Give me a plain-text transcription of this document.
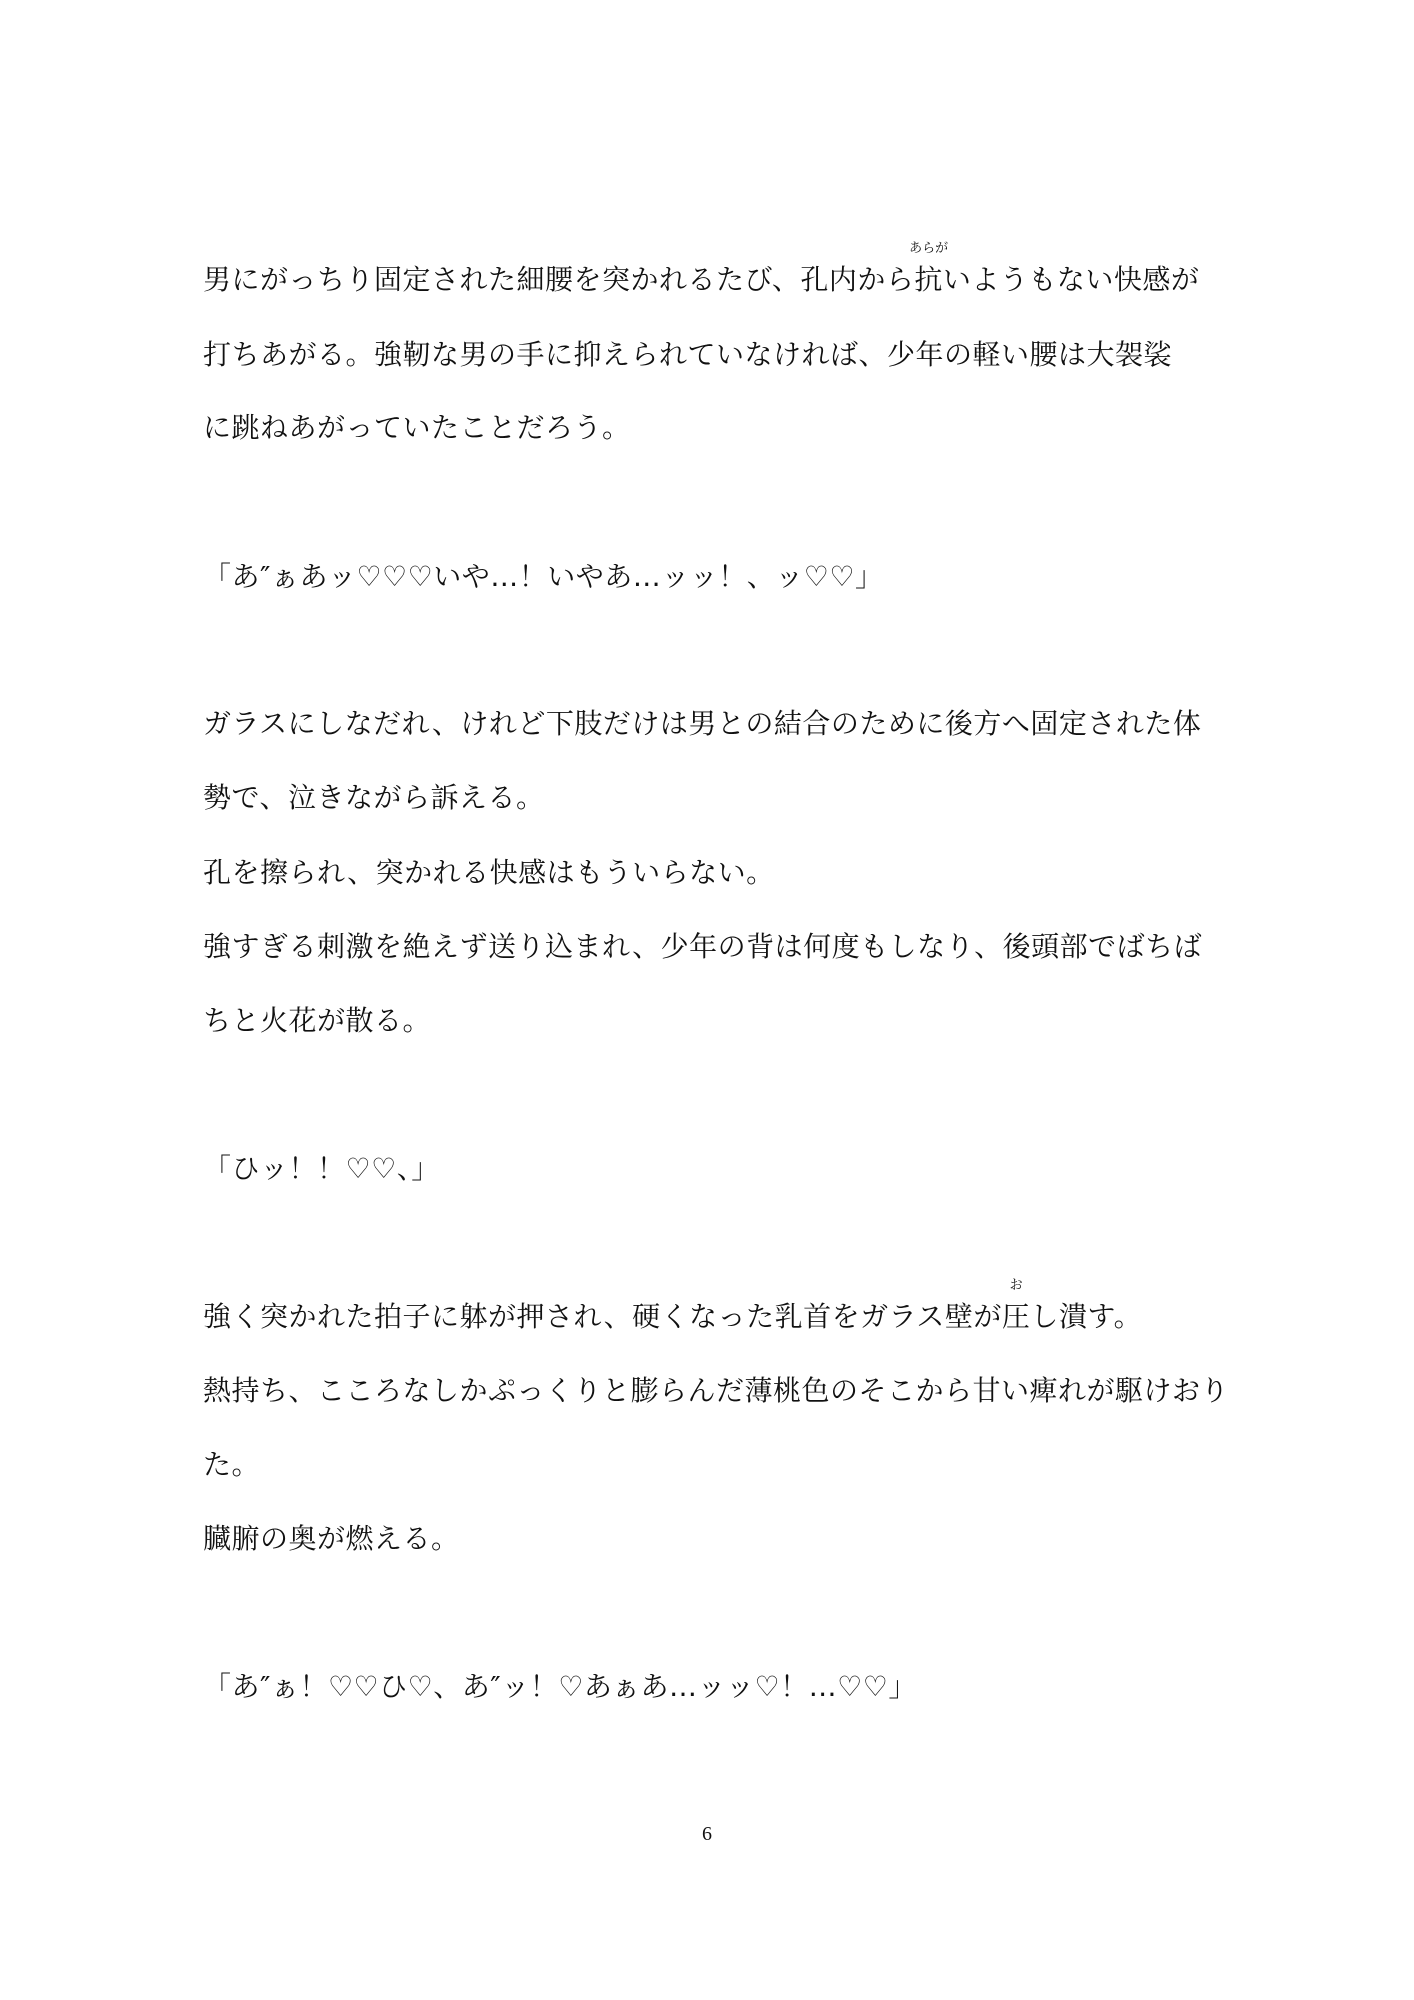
男にがっちり固定された細腰を突かれるたび、孔内から
あらが
抗いようもない快感が
打ちあがる。強靭な男の手に抑えられていなければ、少年の軽い腰は大袈裟
に跳ねあがっていたことだろう。
「あ″ぁあッ♡♡♡いや…！いやあ…ッッ！、ッ♡♡」
ガラスにしなだれ、けれど下肢だけは男との結合のために後方へ固定された体
勢で、泣きながら訴える。
孔を擦られ、突かれる快感はもういらない。
強すぎる刺激を絶えず送り込まれ、少年の背は何度もしなり、後頭部でばちば
ちと火花が散る。
「ひッ！！♡♡、」
強く突かれた拍子に躰が押され、硬くなった乳首をガラス壁が
お
圧し潰す。
熱持ち、こころなしかぷっくりと膨らんだ薄桃色のそこから甘い痺れが駆けおり
た。
臓腑の奥が燃える。
「あ″ぁ！♡♡ひ♡、あ″ッ！♡あぁあ…ッッ♡！…♡♡」
6
